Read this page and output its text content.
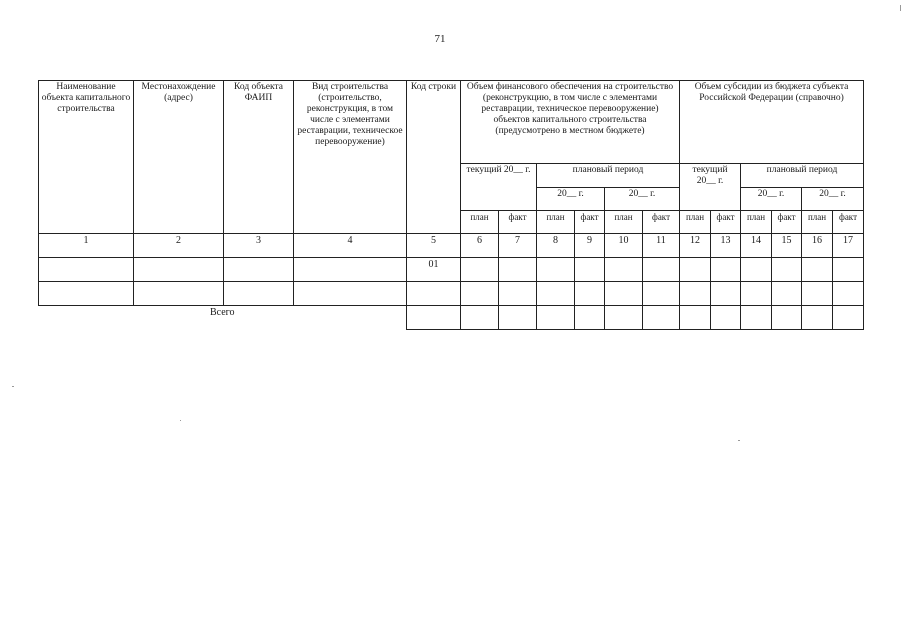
71
Наименование объекта капитального строительства	Местонахождение (адрес)	Код объекта ФАИП	Вид строительства (строительство, реконструкция, в том числе с элементами реставрации, техническое перевооружение)	Код строки	Объем финансового обеспечения на строительство (реконструкцию, в том числе с элементами реставрации, техническое перевооружение) объектов капитального строительства (предусмотрено в местном бюджете)						Объем субсидии из бюджета субъекта Российской Федерации (справочно)					
					текущий 20__ г.		плановый период				текущий 20__ г.		плановый период			
							20__ г.		20__ г.				20__ г.		20__ г.	
					план	факт	план	факт	план	факт	план	факт	план	факт	план	факт
1	2	3	4	5	6	7	8	9	10	11	12	13	14	15	16	17
				01												

Всего																
